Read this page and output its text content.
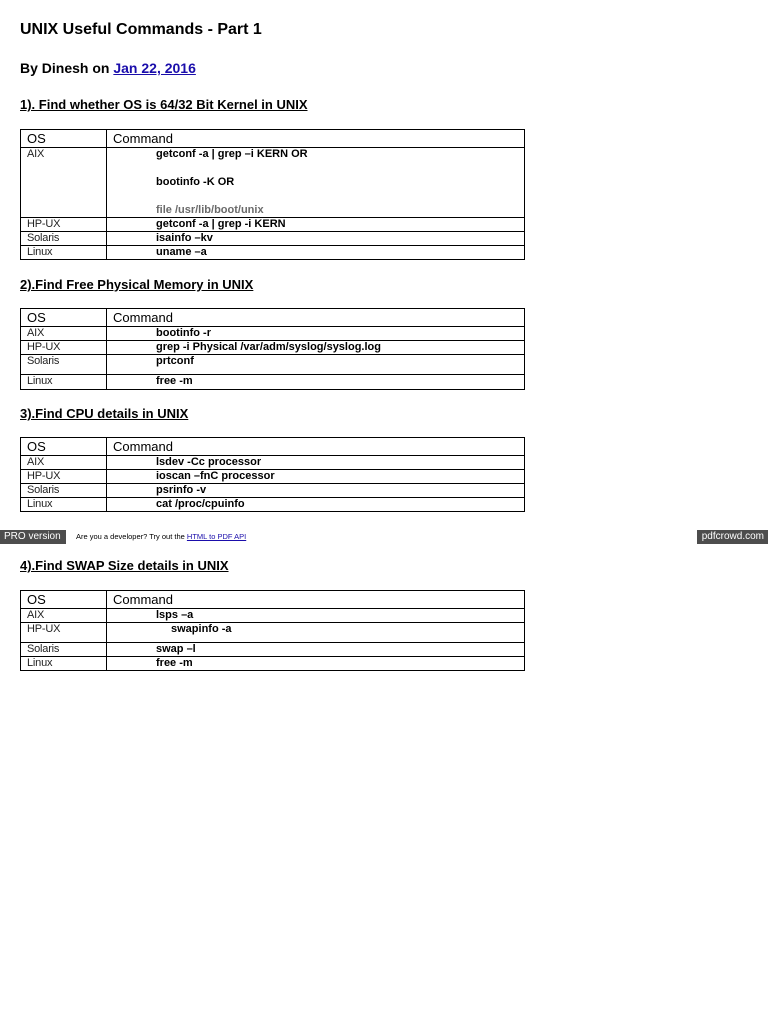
UNIX Useful Commands - Part 1
By Dinesh on Jan 22, 2016
1). Find whether OS is 64/32 Bit Kernel in UNIX
OS	Command
AIX	getconf -a | grep –i KERN OR
bootinfo -K OR
file /usr/lib/boot/unix

HP-UX	getconf -a | grep -i KERN
Solaris	isainfo –kv
Linux	uname –a
2).Find Free Physical Memory in UNIX
OS	Command
AIX	bootinfo -r
HP-UX	grep -i Physical /var/adm/syslog/syslog.log
Solaris	prtconf
Linux	free -m
3).Find CPU details in UNIX
OS	Command
AIX	lsdev -Cc processor
HP-UX	ioscan –fnC processor
Solaris	psrinfo -v
Linux	cat /proc/cpuinfo
PRO version	Are you a developer? Try out the HTML to PDF API	pdfcrowd.com
4).Find SWAP Size details in UNIX
OS	Command
AIX	lsps –a
HP-UX	swapinfo -a
Solaris	swap –l
Linux	free -m
